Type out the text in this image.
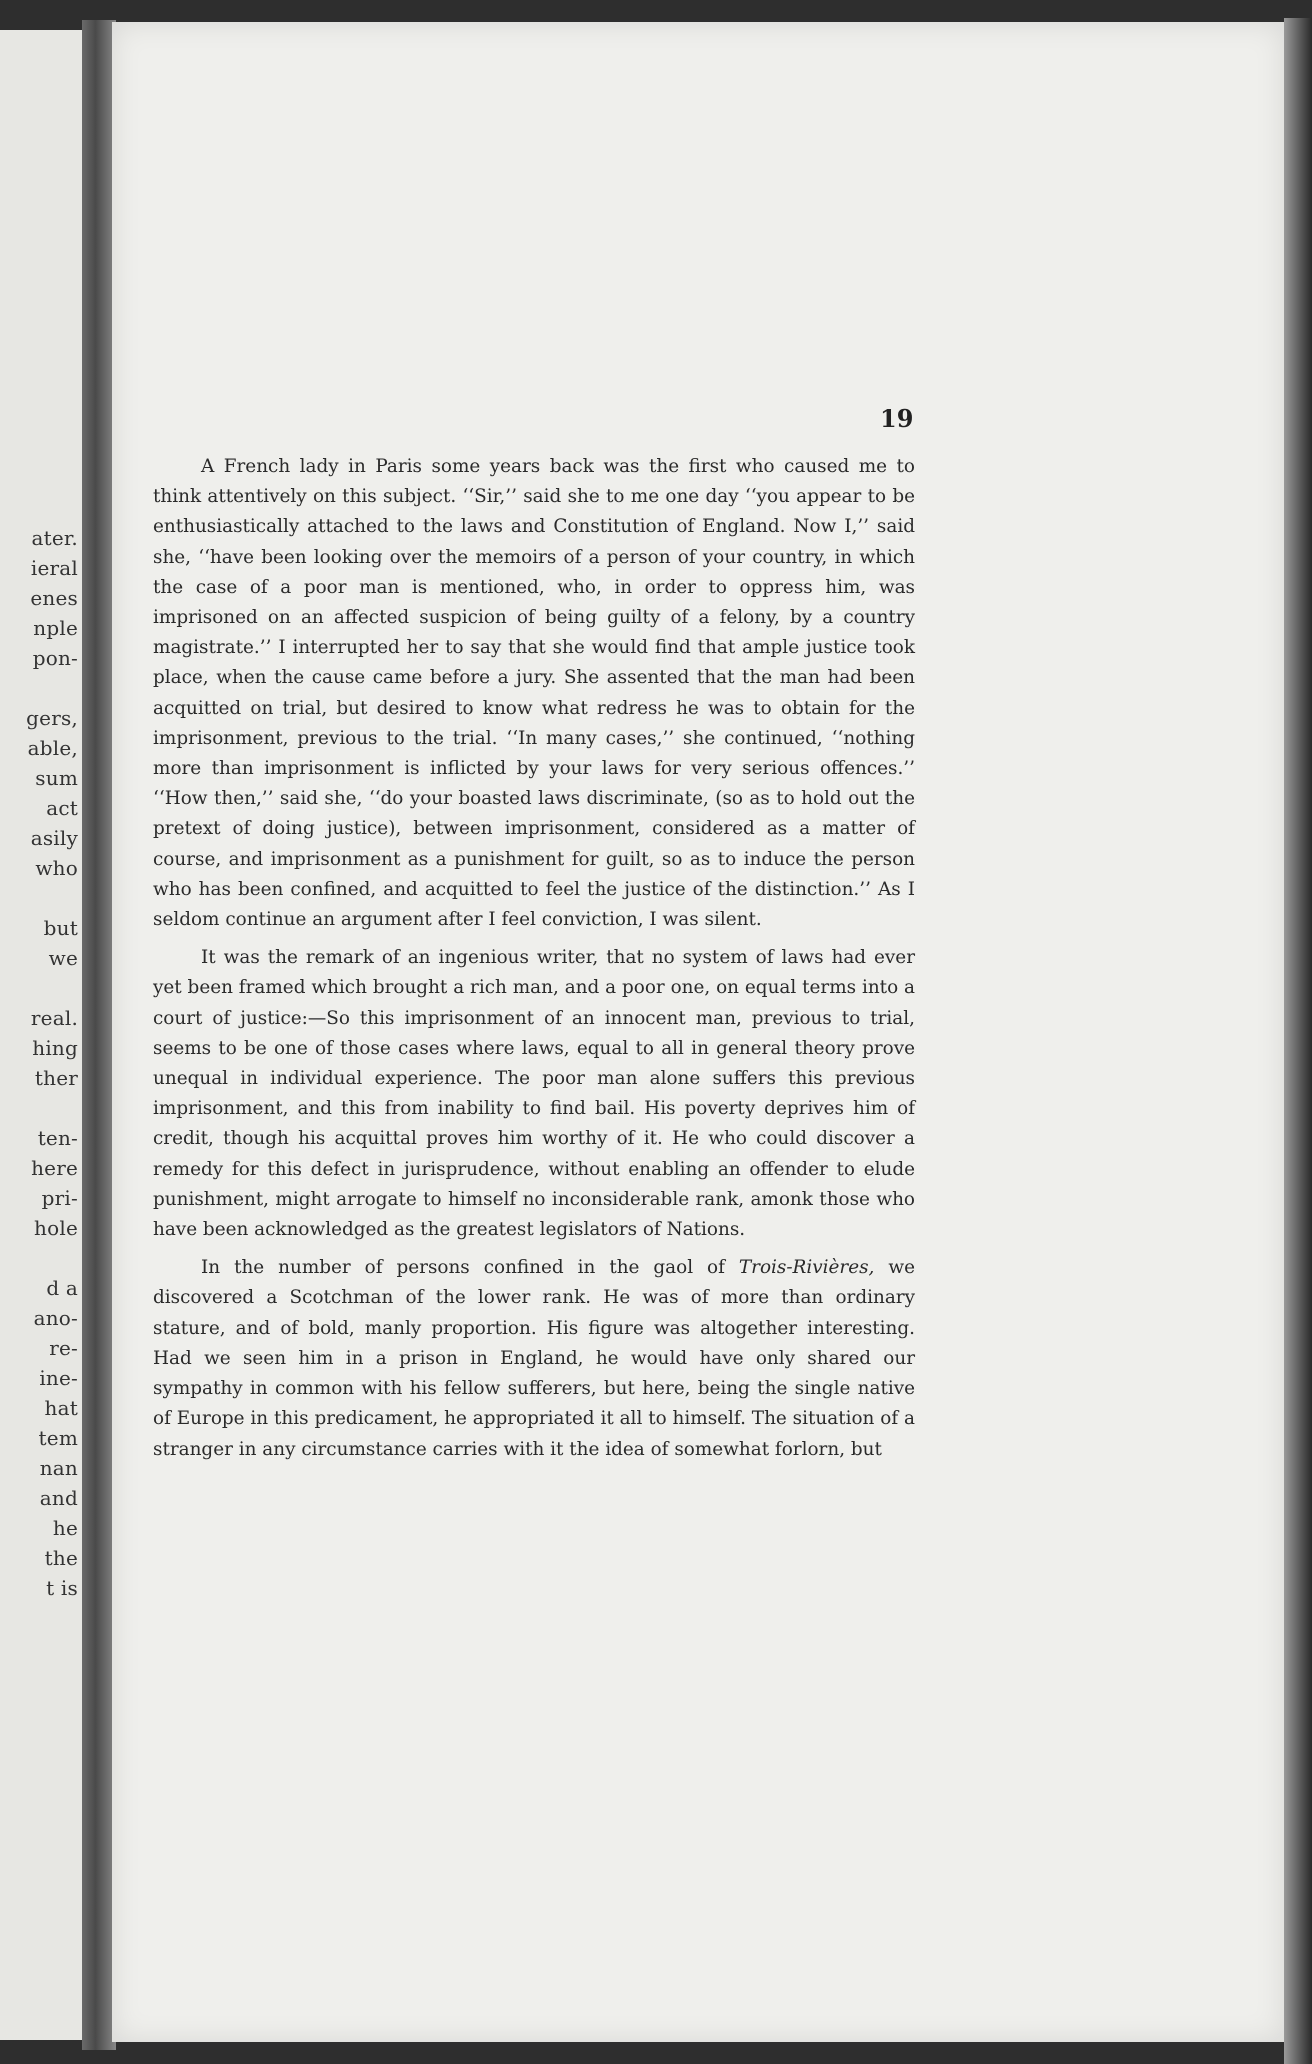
ater.
ieral
enes
nple
pon-
gers,
able,
sum
act
asily
who
but
we
real.
hing
ther
ten-
here
pri-
hole
d a
ano-
re-
ine-
hat
tem
nan
and
he
the
t is
19

A French lady in Paris some years back was the first who caused me to think attentively on this subject. ‘‘Sir,’’ said she to me one day ‘‘you appear to be enthusiastically attached to the laws and Constitution of England. Now I,’’ said she, ‘‘have been looking over the memoirs of a person of your country, in which the case of a poor man is mentioned, who, in order to oppress him, was imprisoned on an affected suspicion of being guilty of a felony, by a country magistrate.’’ I interrupted her to say that she would find that ample justice took place, when the cause came before a jury. She assented that the man had been acquitted on trial, but desired to know what redress he was to obtain for the imprisonment, previous to the trial. ‘‘In many cases,’’ she continued, ‘‘nothing more than imprisonment is inflicted by your laws for very serious offences.’’ ‘‘How then,’’ said she, ‘‘do your boasted laws discriminate, (so as to hold out the pretext of doing justice), between imprisonment, considered as a matter of course, and imprisonment as a punishment for guilt, so as to induce the person who has been confined, and acquitted to feel the justice of the distinction.’’ As I seldom continue an argument after I feel conviction, I was silent.

It was the remark of an ingenious writer, that no system of laws had ever yet been framed which brought a rich man, and a poor one, on equal terms into a court of justice:—So this imprisonment of an innocent man, previous to trial, seems to be one of those cases where laws, equal to all in general theory prove unequal in individual experience. The poor man alone suffers this previous imprisonment, and this from inability to find bail. His poverty deprives him of credit, though his acquittal proves him worthy of it. He who could discover a remedy for this defect in jurisprudence, without enabling an offender to elude punishment, might arrogate to himself no inconsiderable rank, amonk those who have been acknowledged as the greatest legislators of Nations.

In the number of persons confined in the gaol of Trois-Rivières, we discovered a Scotchman of the lower rank. He was of more than ordinary stature, and of bold, manly proportion. His figure was altogether interesting. Had we seen him in a prison in England, he would have only shared our sympathy in common with his fellow sufferers, but here, being the single native of Europe in this predicament, he appropriated it all to himself. The situation of a stranger in any circumstance carries with it the idea of somewhat forlorn, but
